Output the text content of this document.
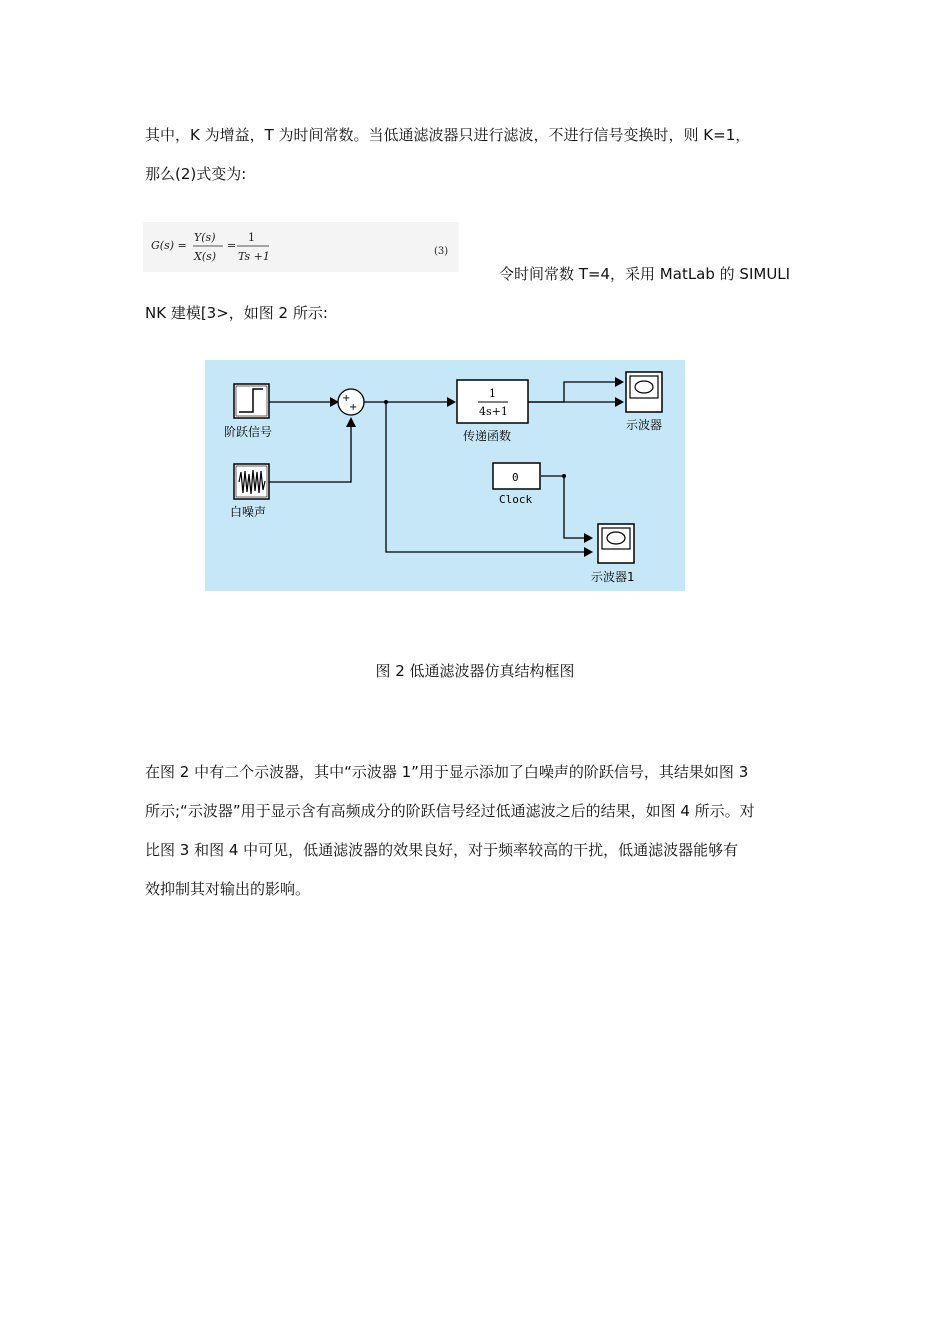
其中，K 为增益，T 为时间常数。当低通滤波器只进行滤波，不进行信号变换时，则 K=1，
那么(2)式变为:
G(s) =
Y(s)
X(s)
=
1
Ts +1	(3)

令时间常数 T=4，采用 MatLab 的 SIMULI

NK 建模[3>，如图 2 所示:

阶跃信号
白噪声
+
+
1
4s+1
传递函数
0
Clock
示波器
示波器1

图 2 低通滤波器仿真结构框图

在图 2 中有二个示波器，其中“示波器 1”用于显示添加了白噪声的阶跃信号，其结果如图 3
所示;“示波器”用于显示含有高频成分的阶跃信号经过低通滤波之后的结果，如图 4 所示。对
比图 3 和图 4 中可见，低通滤波器的效果良好，对于频率较高的干扰，低通滤波器能够有
效抑制其对输出的影响。
